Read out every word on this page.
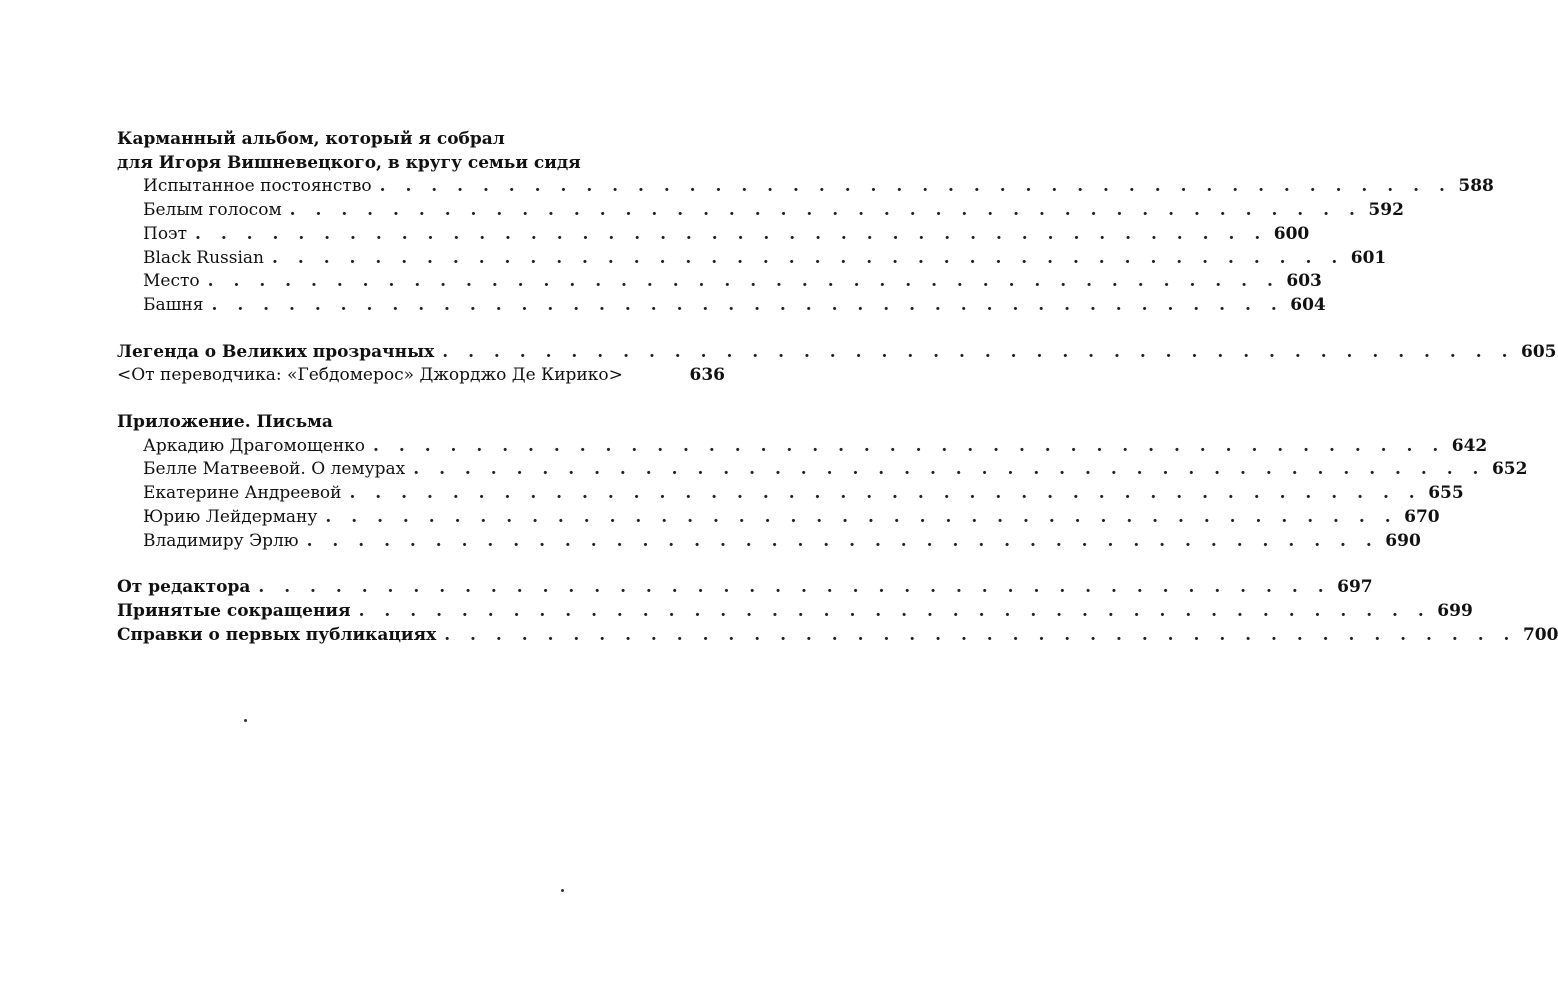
Карманный альбом, который я собрал
для Игоря Вишневецкого, в кругу семьи сидя
Испытанное постоянство . . . . . . . . . . . . . . . . . . . . . . . . . . . . . . . . . . . . . . . . . . 588
Белым голосом . . . . . . . . . . . . . . . . . . . . . . . . . . . . . . . . . . . . . . . . . . 592
Поэт . . . . . . . . . . . . . . . . . . . . . . . . . . . . . . . . . . . . . . . . . . 600
Black Russian . . . . . . . . . . . . . . . . . . . . . . . . . . . . . . . . . . . . . . . . . . 601
Место . . . . . . . . . . . . . . . . . . . . . . . . . . . . . . . . . . . . . . . . . . 603
Башня . . . . . . . . . . . . . . . . . . . . . . . . . . . . . . . . . . . . . . . . . . 604
Легенда о Великих прозрачных . . . . . . . . . . . . . . . . . . . . . . . . . . . . . . . . . . . . . . . . . . 605
<От переводчика: «Гебдомерос» Джорджо Де Кирико>	636
Приложение. Письма
Аркадию Драгомощенко . . . . . . . . . . . . . . . . . . . . . . . . . . . . . . . . . . . . . . . . . . 642
Белле Матвеевой. О лемурах . . . . . . . . . . . . . . . . . . . . . . . . . . . . . . . . . . . . . . . . . . 652
Екатерине Андреевой . . . . . . . . . . . . . . . . . . . . . . . . . . . . . . . . . . . . . . . . . . 655
Юрию Лейдерману . . . . . . . . . . . . . . . . . . . . . . . . . . . . . . . . . . . . . . . . . . 670
Владимиру Эрлю . . . . . . . . . . . . . . . . . . . . . . . . . . . . . . . . . . . . . . . . . . 690
От редактора . . . . . . . . . . . . . . . . . . . . . . . . . . . . . . . . . . . . . . . . . . 697
Принятые сокращения . . . . . . . . . . . . . . . . . . . . . . . . . . . . . . . . . . . . . . . . . . 699
Справки о первых публикациях . . . . . . . . . . . . . . . . . . . . . . . . . . . . . . . . . . . . . . . . . . 700
